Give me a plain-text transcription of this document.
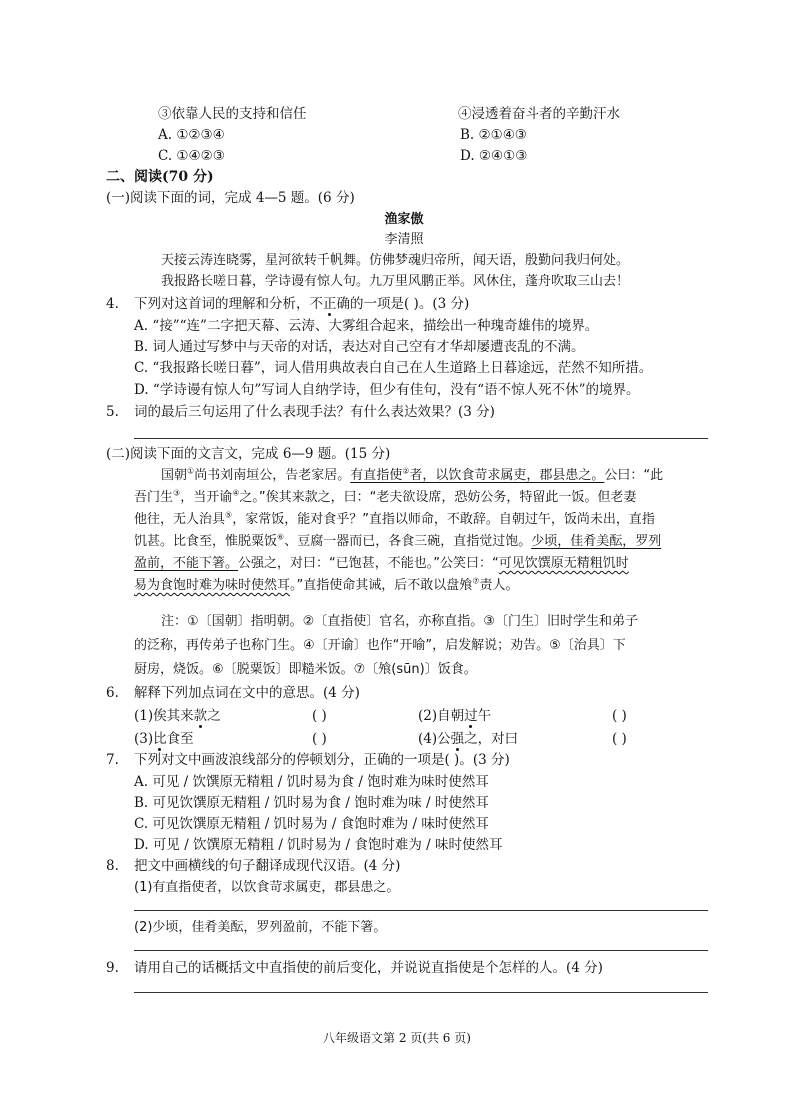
③依靠人民的支持和信任	④浸透着奋斗者的辛勤汗水
A. ①②③④	B. ②①④③
C. ①④②③	D. ②④①③
二、阅读(70 分)
(一)阅读下面的词，完成 4—5 题。(6 分)
渔家傲
李清照
天接云涛连晓雾，星河欲转千帆舞。仿佛梦魂归帝所，闻天语，殷勤问我归何处。
我报路长嗟日暮，学诗谩有惊人句。九万里风鹏正举。风休住，蓬舟吹取三山去！
4. 下列对这首词的理解和分析，不正确的一项是( )。(3 分)
A. “接”“连”二字把天幕、云涛、大雾组合起来，描绘出一种瑰奇雄伟的境界。
B. 词人通过写梦中与天帝的对话，表达对自己空有才华却屡遭丧乱的不满。
C. “我报路长嗟日暮”，词人借用典故表白自己在人生道路上日暮途远，茫然不知所措。
D. “学诗谩有惊人句”写词人自纳学诗，但少有佳句，没有“语不惊人死不休”的境界。
5. 词的最后三句运用了什么表现手法？有什么表达效果？(3 分)
(二)阅读下面的文言文，完成 6—9 题。(15 分)
国朝①尚书刘南垣公，告老家居。有直指使②者，以饮食苛求属吏，郡县患之。公曰：“此
吾门生③，当开谕④之。”俟其来款之，曰：“老夫欲设席，恐妨公务，特留此一饭。但老妻
他往，无人治具⑤，家常饭，能对食乎？”直指以师命，不敢辞。自朝过午，饭尚未出，直指
饥甚。比食至，惟脱粟饭⑥、豆腐一器而已，各食三碗，直指觉过饱。少顷，佳肴美酝，罗列
盈前，不能下箸。公强之，对曰：“已饱甚，不能也。”公笑曰：“可见饮馔原无精粗饥时
易为食饱时难为味时使然耳。”直指使命其诫，后不敢以盘飧⑦责人。
注：①〔国朝〕指明朝。②〔直指使〕官名，亦称直指。③〔门生〕旧时学生和弟子
的泛称，再传弟子也称门生。④〔开谕〕也作“开喻”，启发解说；劝告。⑤〔治具〕下
厨房，烧饭。⑥〔脱粟饭〕即糙米饭。⑦〔飧(sūn)〕饭食。
6. 解释下列加点词在文中的意思。(4 分)
(1)俟其来款之	( )	(2)自朝过午	( )
(3)比食至	( )	(4)公强之，对曰	( )
7. 下列对文中画波浪线部分的停顿划分，正确的一项是( )。(3 分)
A. 可见 / 饮馔原无精粗 / 饥时易为食 / 饱时难为味时使然耳
B. 可见饮馔原无精粗 / 饥时易为食 / 饱时难为味 / 时使然耳
C. 可见饮馔原无精粗 / 饥时易为 / 食饱时难为 / 味时使然耳
D. 可见 / 饮馔原无精粗 / 饥时易为 / 食饱时难为 / 味时使然耳
8. 把文中画横线的句子翻译成现代汉语。(4 分)
(1)有直指使者，以饮食苛求属吏，郡县患之。
(2)少顷，佳肴美酝，罗列盈前，不能下箸。
9. 请用自己的话概括文中直指使的前后变化，并说说直指使是个怎样的人。(4 分)
八年级语文第 2 页(共 6 页)
